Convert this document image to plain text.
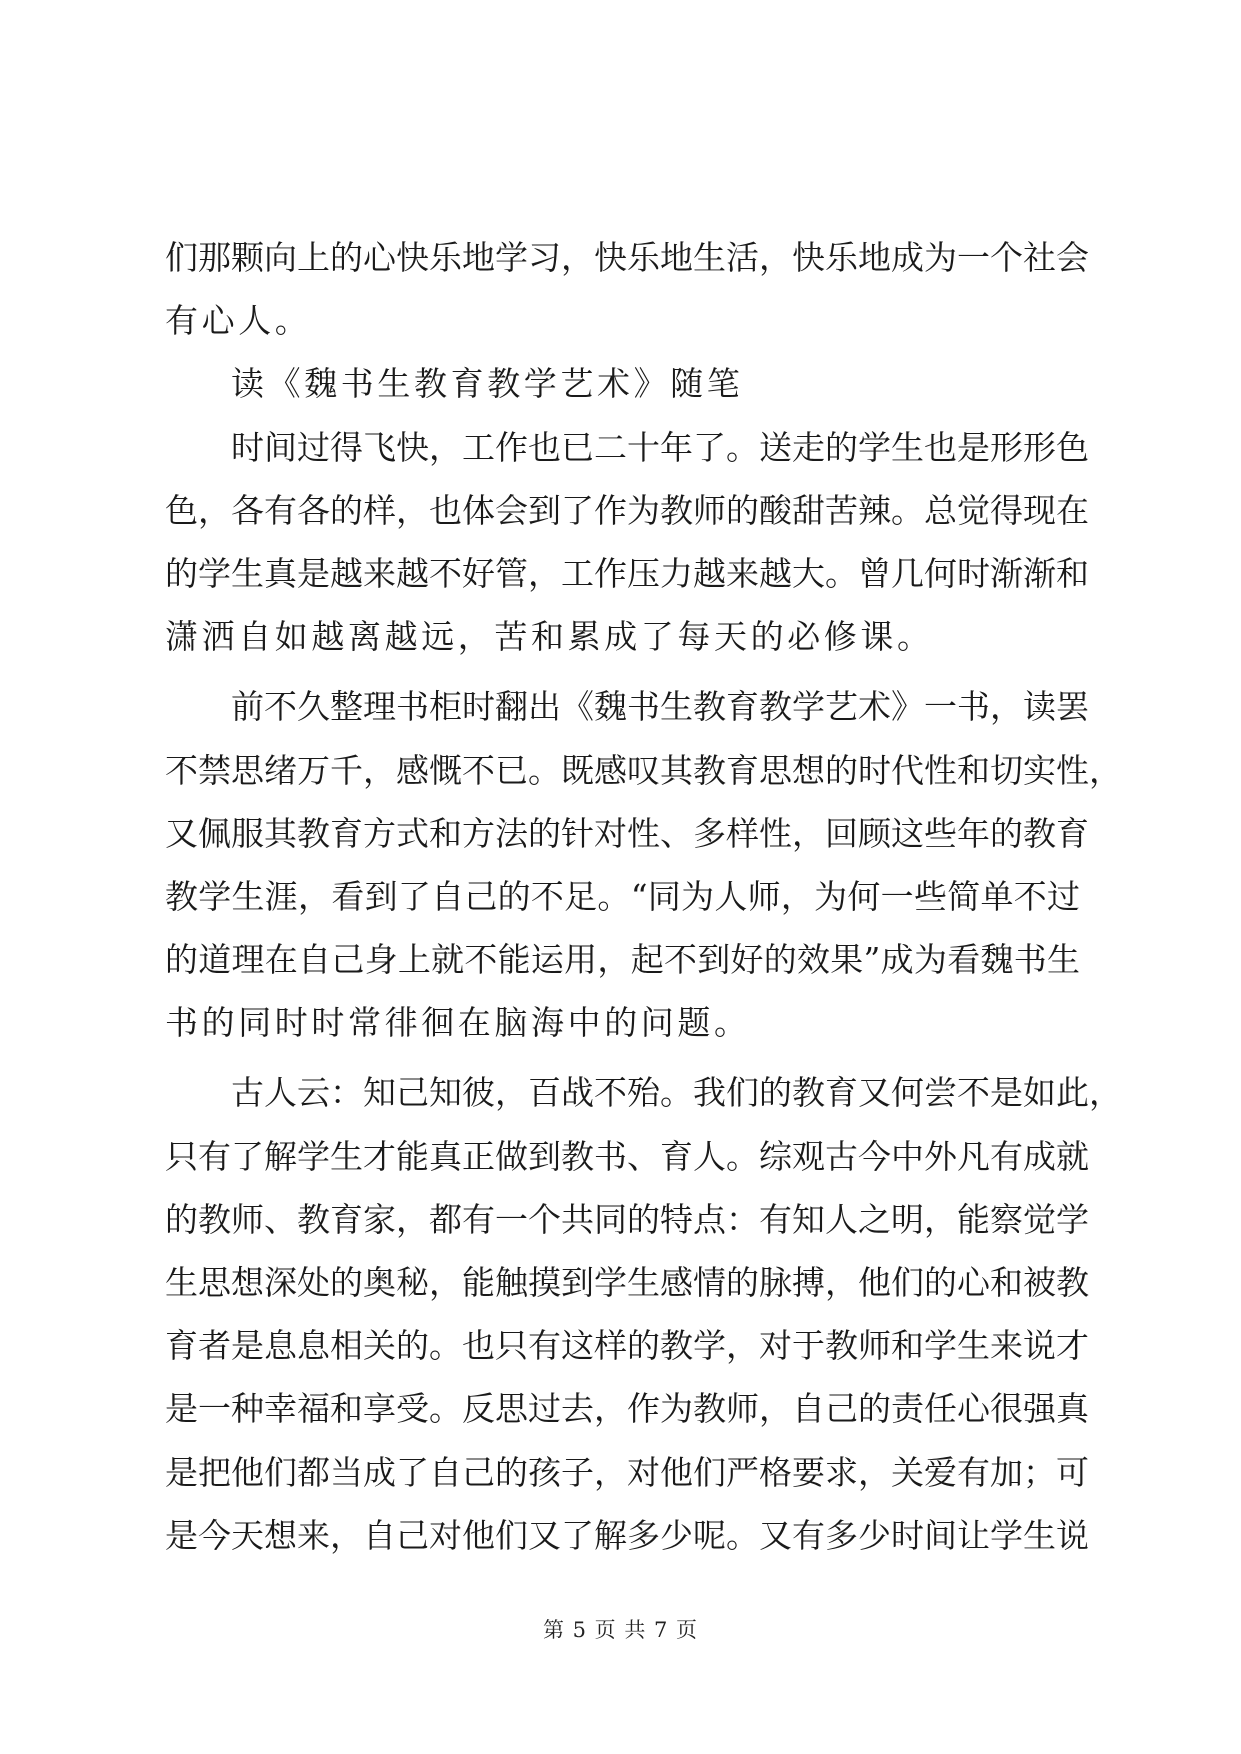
们那颗向上的心快乐地学习，快乐地生活，快乐地成为一个社会
有心人。
读《魏书生教育教学艺术》随笔
时间过得飞快，工作也已二十年了。送走的学生也是形形色
色，各有各的样，也体会到了作为教师的酸甜苦辣。总觉得现在
的学生真是越来越不好管，工作压力越来越大。曾几何时渐渐和
潇洒自如越离越远，苦和累成了每天的必修课。
前不久整理书柜时翻出《魏书生教育教学艺术》一书，读罢
不禁思绪万千，感慨不已。既感叹其教育思想的时代性和切实性，
又佩服其教育方式和方法的针对性、多样性，回顾这些年的教育
教学生涯，看到了自己的不足。“同为人师，为何一些简单不过
的道理在自己身上就不能运用，起不到好的效果”成为看魏书生
书的同时时常徘徊在脑海中的问题。
古人云：知己知彼，百战不殆。我们的教育又何尝不是如此，
只有了解学生才能真正做到教书、育人。综观古今中外凡有成就
的教师、教育家，都有一个共同的特点：有知人之明，能察觉学
生思想深处的奥秘，能触摸到学生感情的脉搏，他们的心和被教
育者是息息相关的。也只有这样的教学，对于教师和学生来说才
是一种幸福和享受。反思过去，作为教师，自己的责任心很强真
是把他们都当成了自己的孩子，对他们严格要求，关爱有加；可
是今天想来，自己对他们又了解多少呢。又有多少时间让学生说
第 5 页 共 7 页
